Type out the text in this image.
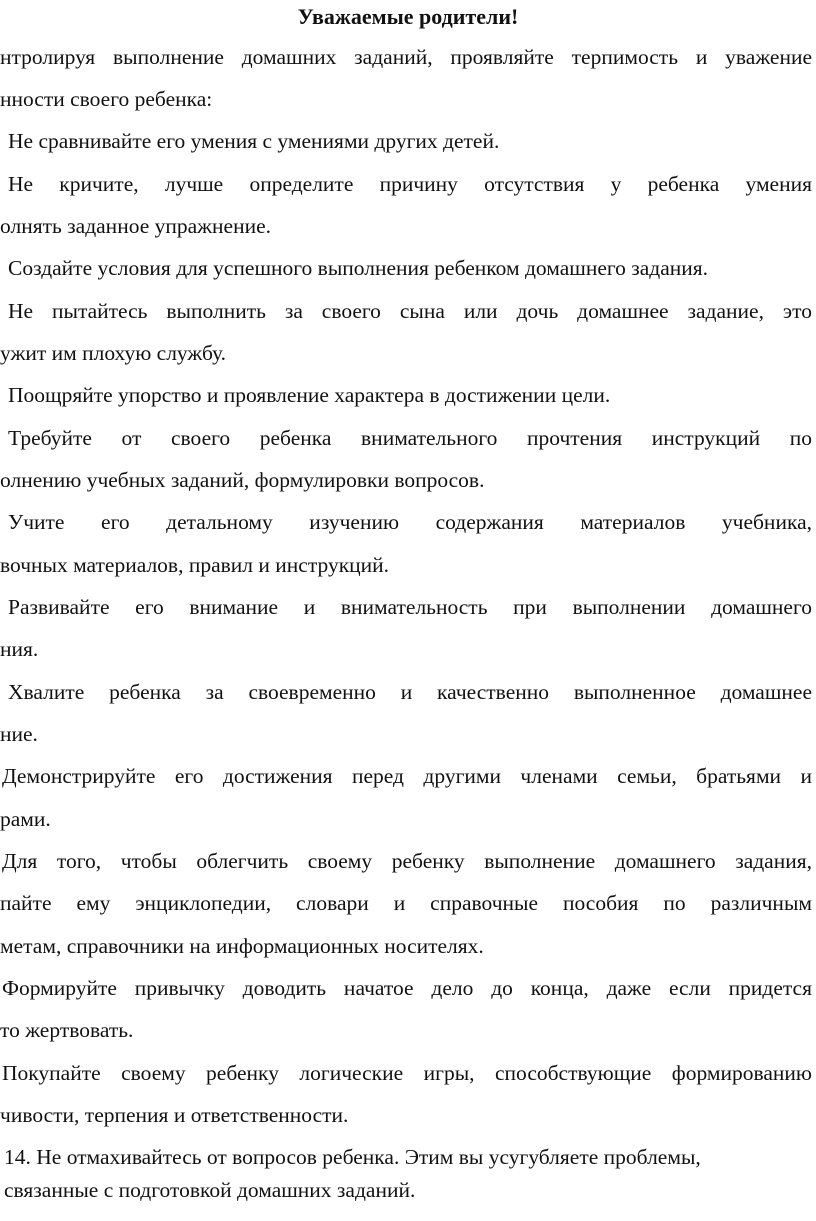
Уважаемые родители!
нтролируя выполнение домашних заданий, проявляйте терпимость и уважение
нности своего ребенка:
Не сравнивайте его умения с умениями других детей.
Не кричите, лучше определите причину отсутствия у ребенка умения
олнять заданное упражнение.
Создайте условия для успешного выполнения ребенком домашнего задания.
Не пытайтесь выполнить за своего сына или дочь домашнее задание, это
ужит им плохую службу.
Поощряйте упорство и проявление характера в достижении цели.
Требуйте от своего ребенка внимательного прочтения инструкций по
олнению учебных заданий, формулировки вопросов.
Учите его детальному изучению содержания материалов учебника,
вочных материалов, правил и инструкций.
Развивайте его внимание и внимательность при выполнении домашнего
ния.
Хвалите ребенка за своевременно и качественно выполненное домашнее
ние.
Демонстрируйте его достижения перед другими членами семьи, братьями и
рами.
Для того, чтобы облегчить своему ребенку выполнение домашнего задания,
пайте ему энциклопедии, словари и справочные пособия по различным
метам, справочники на информационных носителях.
Формируйте привычку доводить начатое дело до конца, даже если придется
то жертвовать.
Покупайте своему ребенку логические игры, способствующие формированию
чивости, терпения и ответственности.
14. Не отмахивайтесь от вопросов ребенка. Этим вы усугубляете проблемы,
связанные с подготовкой домашних заданий.
